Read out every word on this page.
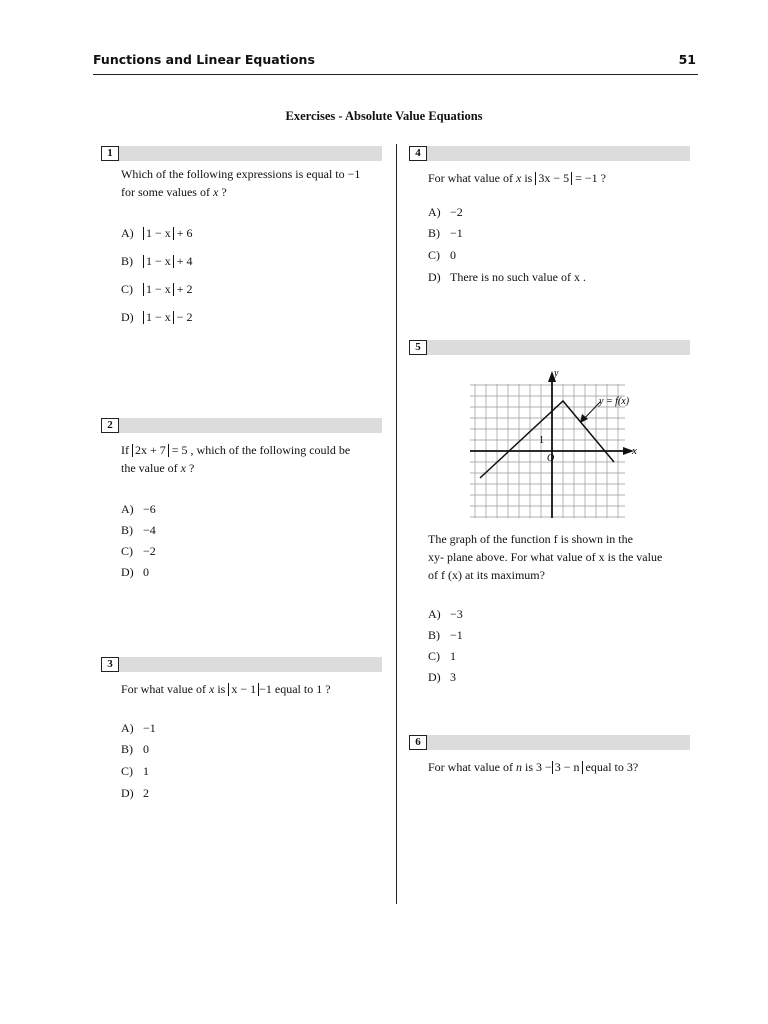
Functions and Linear Equations	51
Exercises - Absolute Value Equations
1
Which of the following expressions is equal to −1
for some values of x ?
A) 1 − x + 6
B) 1 − x + 4
C) 1 − x + 2
D) 1 − x − 2
2
If 2x + 7 = 5 , which of the following could be
the value of x ?
A) −6
B) −4
C) −2
D) 0
3
For what value of x is x − 1 −1 equal to 1 ?
A) −1
B) 0
C) 1
D) 2
4
For what value of x is 3x − 5 = −1 ?
A) −2
B) −1
C) 0
D) There is no such value of x .
5
y
x
O
1
y = f(x)
The graph of the function f is shown in the
xy- plane above. For what value of x is the value
of f (x) at its maximum?
A) −3
B) −1
C) 1
D) 3
6
For what value of n is 3 − 3 − n equal to 3?
